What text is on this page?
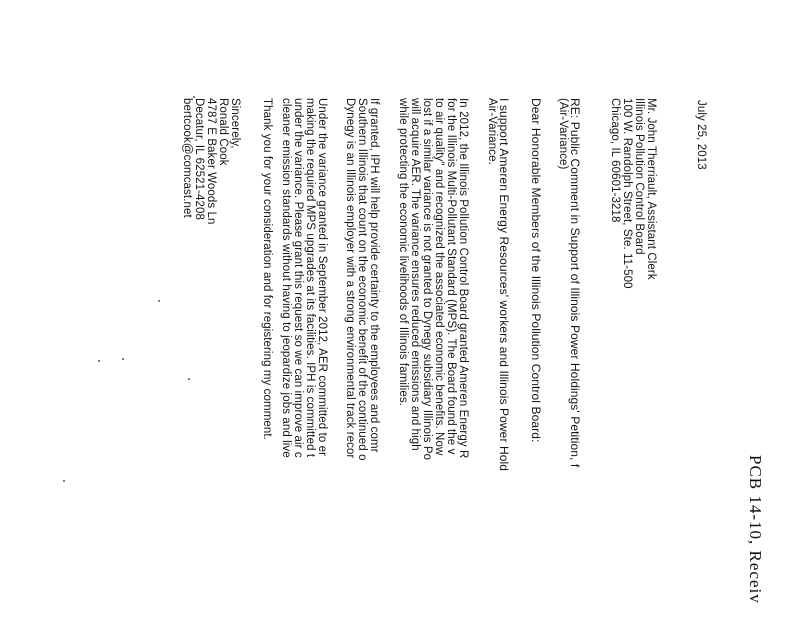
PCB 14-10, Receiv
July 25, 2013
Mr. John Therriault, Assistant Clerk
Illinois Pollution Control Board
100 W. Randolph Street, Ste. 11-500
Chicago, IL 60601-3218
RE: Public Comment in Support of Illinois Power Holdings' Petition, f
(Air-Variance)
Dear Honorable Members of the Illinois Pollution Control Board:
I support Ameren Energy Resources' workers and Illinois Power Hold
Air-Variance.
In 2012, the Illinois Pollution Control Board granted Ameren Energy R
for the Illinois Multi-Pollutant Standard (MPS). The Board found the v
to air quality" and recognized the associated economic benefits. Now
lost if a similar variance is not granted to Dynegy subsidiary Illinois Po
will acquire AER. The variance ensures reduced emissions and high
while protecting the economic livelihoods of Illinois families.
If granted, IPH will help provide certainty to the employees and comr
Southern Illinois that count on the economic benefit of the continued o
Dynegy is an Illinois employer with a strong environmental track recor
Under the variance granted in September 2012, AER committed to er
making the required MPS upgrades at its facilities. IPH is committed t
under the variance. Please grant this request so we can improve air c
cleaner emission standards without having to jeopardize jobs and live
Thank you for your consideration and for registering my comment.
Sincerely,
Ronald Cook
4787 E Baker Woods Ln
Decatur, IL 62521-4208
bertcook@comcast.net
